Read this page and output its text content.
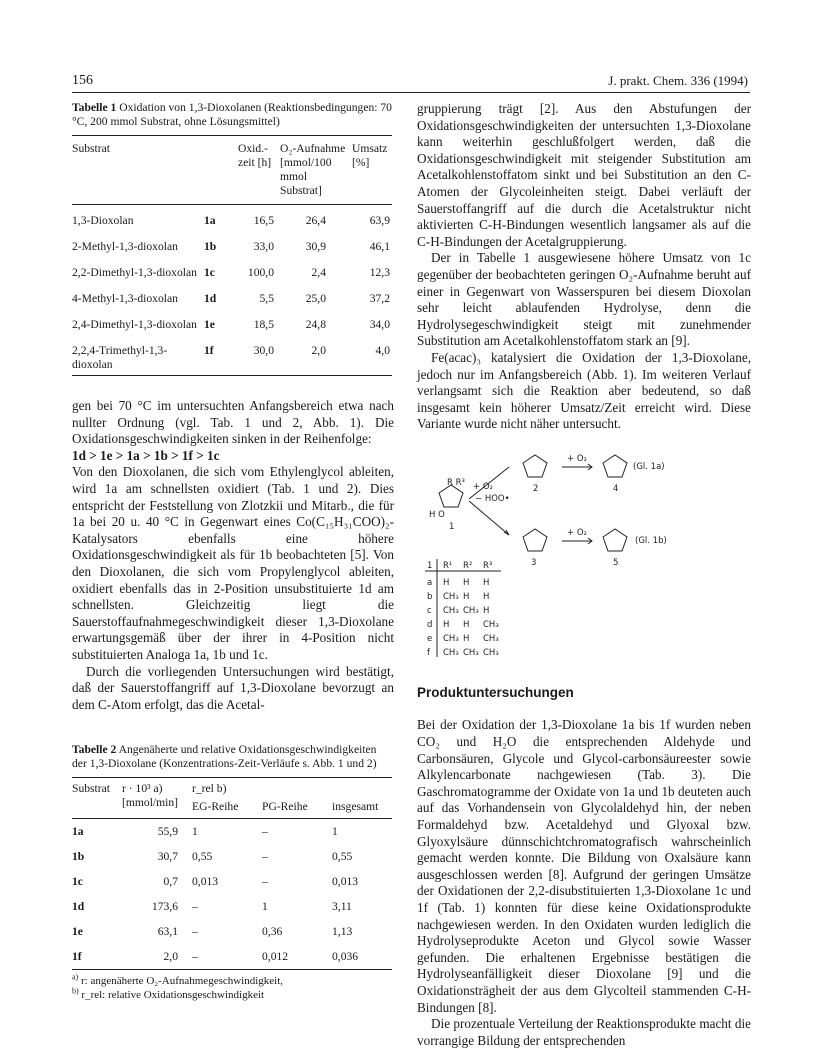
156	J. prakt. Chem. 336 (1994)
Tabelle 1 Oxidation von 1,3-Dioxolanen (Reaktionsbedingungen: 70 °C, 200 mmol Substrat, ohne Lösungsmittel)
Substrat		Oxid.-zeit [h]	O₂-Aufnahme [mmol/100 mmol Substrat]	Umsatz [%]
1,3-Dioxolan	1a	16,5	26,4	63,9
2-Methyl-1,3-dioxolan	1b	33,0	30,9	46,1
2,2-Dimethyl-1,3-dioxolan	1c	100,0	2,4	12,3
4-Methyl-1,3-dioxolan	1d	5,5	25,0	37,2
2,4-Dimethyl-1,3-dioxolan	1e	18,5	24,8	34,0
2,2,4-Trimethyl-1,3-dioxolan	1f	30,0	2,0	4,0

gen bei 70 °C im untersuchten Anfangsbereich etwa nach nullter Ordnung (vgl. Tab. 1 und 2, Abb. 1). Die Oxidationsgeschwindigkeiten sinken in der Reihenfolge:

1d > 1e > 1a > 1b > 1f > 1c

Von den Dioxolanen, die sich vom Ethylenglycol ableiten, wird 1a am schnellsten oxidiert (Tab. 1 und 2). Dies entspricht der Feststellung von Zlotzkii und Mitarb., die für 1a bei 20 u. 40 °C in Gegenwart eines Co(C₁₅H₃₁COO)₂-Katalysators ebenfalls eine höhere Oxidationsgeschwindigkeit als für 1b beobachteten [5]. Von den Dioxolanen, die sich vom Propylenglycol ableiten, oxidiert ebenfalls das in 2-Position unsubstituierte 1d am schnellsten. Gleichzeitig liegt die Sauerstoffaufnahmegeschwindigkeit dieser 1,3-Dioxolane erwartungsgemäß über der ihrer in 4-Position nicht substituierten Analoga 1a, 1b und 1c.

Durch die vorliegenden Untersuchungen wird bestätigt, daß der Sauerstoffangriff auf 1,3-Dioxolane bevorzugt an dem C-Atom erfolgt, das die Acetal-

Tabelle 2 Angenäherte und relative Oxidationsgeschwindigkeiten der 1,3-Dioxolane (Konzentrations-Zeit-Verläufe s. Abb. 1 und 2)
Substrat	r · 10³ a) [mmol/min]	r_rel b)		
		EG-Reihe	PG-Reihe	insgesamt
1a	55,9	1	–	1
1b	30,7	0,55	–	0,55
1c	0,7	0,013	–	0,013
1d	173,6	–	1	3,11
1e	63,1	–	0,36	1,13
1f	2,0	–	0,012	0,036
$^{a)}$ r: angenäherte O₂-Aufnahmegeschwindigkeit,
$^{b)}$ r_rel: relative Oxidationsgeschwindigkeit

gruppierung trägt [2]. Aus den Abstufungen der Oxidationsgeschwindigkeiten der untersuchten 1,3-Dioxolane kann weiterhin geschlußfolgert werden, daß die Oxidationsgeschwindigkeit mit steigender Substitution am Acetalkohlenstoffatom sinkt und bei Substitution an den C-Atomen der Glycoleinheiten steigt. Dabei verläuft der Sauerstoffangriff auf die durch die Acetalstruktur nicht aktivierten C-H-Bindungen wesentlich langsamer als auf die C-H-Bindungen der Acetalgruppierung.

Der in Tabelle 1 ausgewiesene höhere Umsatz von 1c gegenüber der beobachteten geringen O₂-Aufnahme beruht auf einer in Gegenwart von Wasserspuren bei diesem Dioxolan sehr leicht ablaufenden Hydrolyse, denn die Hydrolysegeschwindigkeit steigt mit zunehmender Substitution am Acetalkohlenstoffatom stark an [9].

Fe(acac)₃ katalysiert die Oxidation der 1,3-Dioxolane, jedoch nur im Anfangsbereich (Abb. 1). Im weiteren Verlauf verlangsamt sich die Reaktion aber bedeutend, so daß insgesamt kein höherer Umsatz/Zeit erreicht wird. Diese Variante wurde nicht näher untersucht.

R R³
H O
+ O₂
− HOO•
+ O₂
+ O₂
(Gl. 1a)
(Gl. 1b)
1
2
3
4
5
1 R¹ R² R³
a H H H
b CH₃ H H
c CH₃ CH₃ H
d H H CH₃
e CH₃ H CH₃
f CH₃ CH₃ CH₃
Produktuntersuchungen

Bei der Oxidation der 1,3-Dioxolane 1a bis 1f wurden neben CO₂ und H₂O die entsprechenden Aldehyde und Carbonsäuren, Glycole und Glycol-carbonsäureester sowie Alkylencarbonate nachgewiesen (Tab. 3). Die Gaschromatogramme der Oxidate von 1a und 1b deuteten auch auf das Vorhandensein von Glycolaldehyd hin, der neben Formaldehyd bzw. Acetaldehyd und Glyoxal bzw. Glyoxylsäure dünnschichtchromatografisch wahrscheinlich gemacht werden konnte. Die Bildung von Oxalsäure kann ausgeschlossen werden [8]. Aufgrund der geringen Umsätze der Oxidationen der 2,2-disubstituierten 1,3-Dioxolane 1c und 1f (Tab. 1) konnten für diese keine Oxidationsprodukte nachgewiesen werden. In den Oxidaten wurden lediglich die Hydrolyseprodukte Aceton und Glycol sowie Wasser gefunden. Die erhaltenen Ergebnisse bestätigen die Hydrolyseanfälligkeit dieser Dioxolane [9] und die Oxidationsträgheit der aus dem Glycolteil stammenden C-H-Bindungen [8].

Die prozentuale Verteilung der Reaktionsprodukte macht die vorrangige Bildung der entsprechenden
